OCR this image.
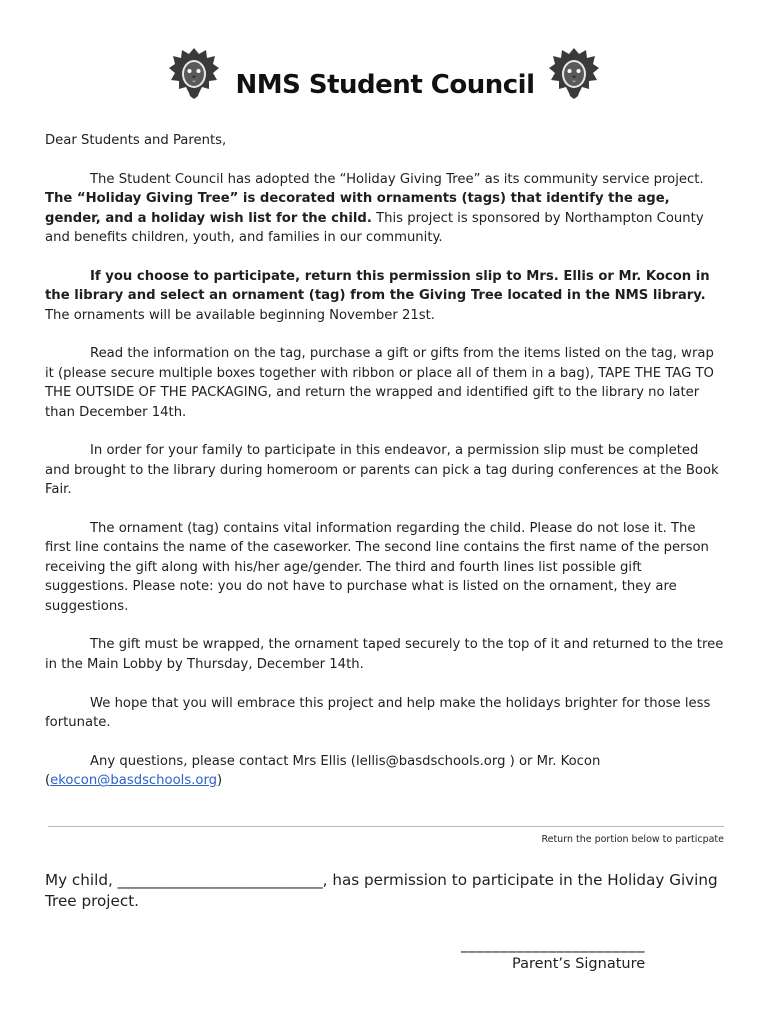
NMS Student Council

Dear Students and Parents,

The Student Council has adopted the “Holiday Giving Tree” as its community service project. The “Holiday Giving Tree” is decorated with ornaments (tags) that identify the age, gender, and a holiday wish list for the child. This project is sponsored by Northampton County and benefits children, youth, and families in our community.

If you choose to participate, return this permission slip to Mrs. Ellis or Mr. Kocon in the library and select an ornament (tag) from the Giving Tree located in the NMS library. The ornaments will be available beginning November 21st.

Read the information on the tag, purchase a gift or gifts from the items listed on the tag, wrap it (please secure multiple boxes together with ribbon or place all of them in a bag), TAPE THE TAG TO THE OUTSIDE OF THE PACKAGING, and return the wrapped and identified gift to the library no later than December 14th.

In order for your family to participate in this endeavor, a permission slip must be completed and brought to the library during homeroom or parents can pick a tag during conferences at the Book Fair.

The ornament (tag) contains vital information regarding the child. Please do not lose it. The first line contains the name of the caseworker. The second line contains the first name of the person receiving the gift along with his/her age/gender. The third and fourth lines list possible gift suggestions. Please note: you do not have to purchase what is listed on the ornament, they are suggestions.

The gift must be wrapped, the ornament taped securely to the top of it and returned to the tree in the Main Lobby by Thursday, December 14th.

We hope that you will embrace this project and help make the holidays brighter for those less fortunate.

Any questions, please contact Mrs Ellis (lellis@basdschools.org ) or Mr. Kocon (ekocon@basdschools.org)

Return the portion below to particpate
My child, ___________________________, has permission to participate in the Holiday Giving Tree project.
_______________________
Parent’s Signature
